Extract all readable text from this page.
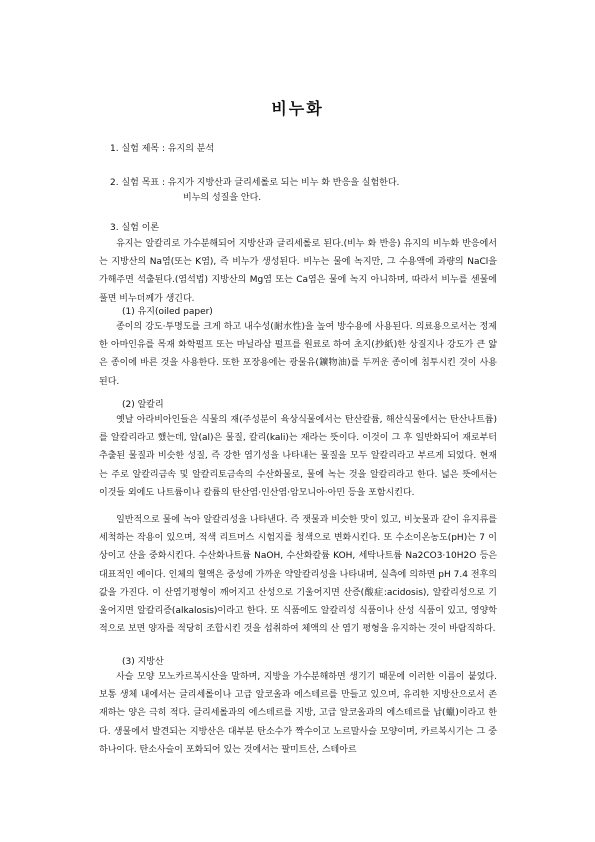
비누화
1. 실험 제목 : 유지의 분석
2. 실험 목표 : 유지가 지방산과 글리세롤로 되는 비누 화 반응을 실험한다.
비누의 성질을 안다.
3. 실험 이론

유지는 알칼리로 가수분해되어 지방산과 글리세롤로 된다.(비누 화 반응) 유지의 비누화 반응에서는 지방산의 Na염(또는 K염), 즉 비누가 생성된다. 비누는 물에 녹지만, 그 수용액에 과량의 NaCl을 가해주면 석출된다.(염석법) 지방산의 Mg염 또는 Ca염은 물에 녹지 아니하며, 따라서 비누를 센물에 풀면 비누더께가 생긴다.

(1) 유지(oiled paper)

종이의 강도·투명도를 크게 하고 내수성(耐水性)을 높여 방수용에 사용된다. 의료용으로서는 정제한 아마인유를 목재 화학펄프 또는 마닐라삼 펄프를 원료로 하여 초지(抄紙)한 상질지나 강도가 큰 얇은 종이에 바른 것을 사용한다. 또한 포장용에는 광물유(鑛物油)를 두꺼운 종이에 침투시킨 것이 사용된다.

(2) 알칼리

옛날 아라비아인들은 식물의 재(주성분이 육상식물에서는 탄산칼륨, 해산식물에서는 탄산나트륨)를 알칼리라고 했는데, 알(al)은 물질, 칼리(kali)는 재라는 뜻이다. 이것이 그 후 일반화되어 재로부터 추출된 물질과 비슷한 성질, 즉 강한 염기성을 나타내는 물질을 모두 알칼리라고 부르게 되었다. 현재는 주로 알칼리금속 및 알칼리토금속의 수산화물로, 물에 녹는 것을 알칼리라고 한다. 넓은 뜻에서는 이것들 외에도 나트륨이나 칼륨의 탄산염·인산염·암모니아·아민 등을 포함시킨다.

일반적으로 물에 녹아 알칼리성을 나타낸다. 즉 잿물과 비슷한 맛이 있고, 비눗물과 같이 유지류를 세척하는 작용이 있으며, 적색 리트머스 시험지를 청색으로 변화시킨다. 또 수소이온농도(pH)는 7 이상이고 산을 중화시킨다. 수산화나트륨 NaOH, 수산화칼륨 KOH, 세탁나트륨 Na2CO3·10H2O 등은 대표적인 예이다. 인체의 혈액은 중성에 가까운 약알칼리성을 나타내며, 실측에 의하면 pH 7.4 전후의 값을 가진다. 이 산염기평형이 깨어지고 산성으로 기울어지면 산증(酸症:acidosis), 알칼리성으로 기울어지면 알칼리증(alkalosis)이라고 한다. 또 식품에도 알칼리성 식품이나 산성 식품이 있고, 영양학적으로 보면 양자를 적당히 조합시킨 것을 섭취하여 체액의 산 염기 평형을 유지하는 것이 바람직하다.

(3) 지방산

사슬 모양 모노카르복시산을 말하며, 지방을 가수분해하면 생기기 때문에 이러한 이름이 붙었다. 보통 생체 내에서는 글리세롤이나 고급 알코올과 에스테르를 만들고 있으며, 유리한 지방산으로서 존재하는 양은 극히 적다. 글리세롤과의 에스테르를 지방, 고급 알코올과의 에스테르를 납(蠟)이라고 한다. 생물에서 발견되는 지방산은 대부분 탄소수가 짝수이고 노르말사슬 모양이며, 카르복시기는 그 중 하나이다. 탄소사슬이 포화되어 있는 것에서는 팔미트산, 스테아르
